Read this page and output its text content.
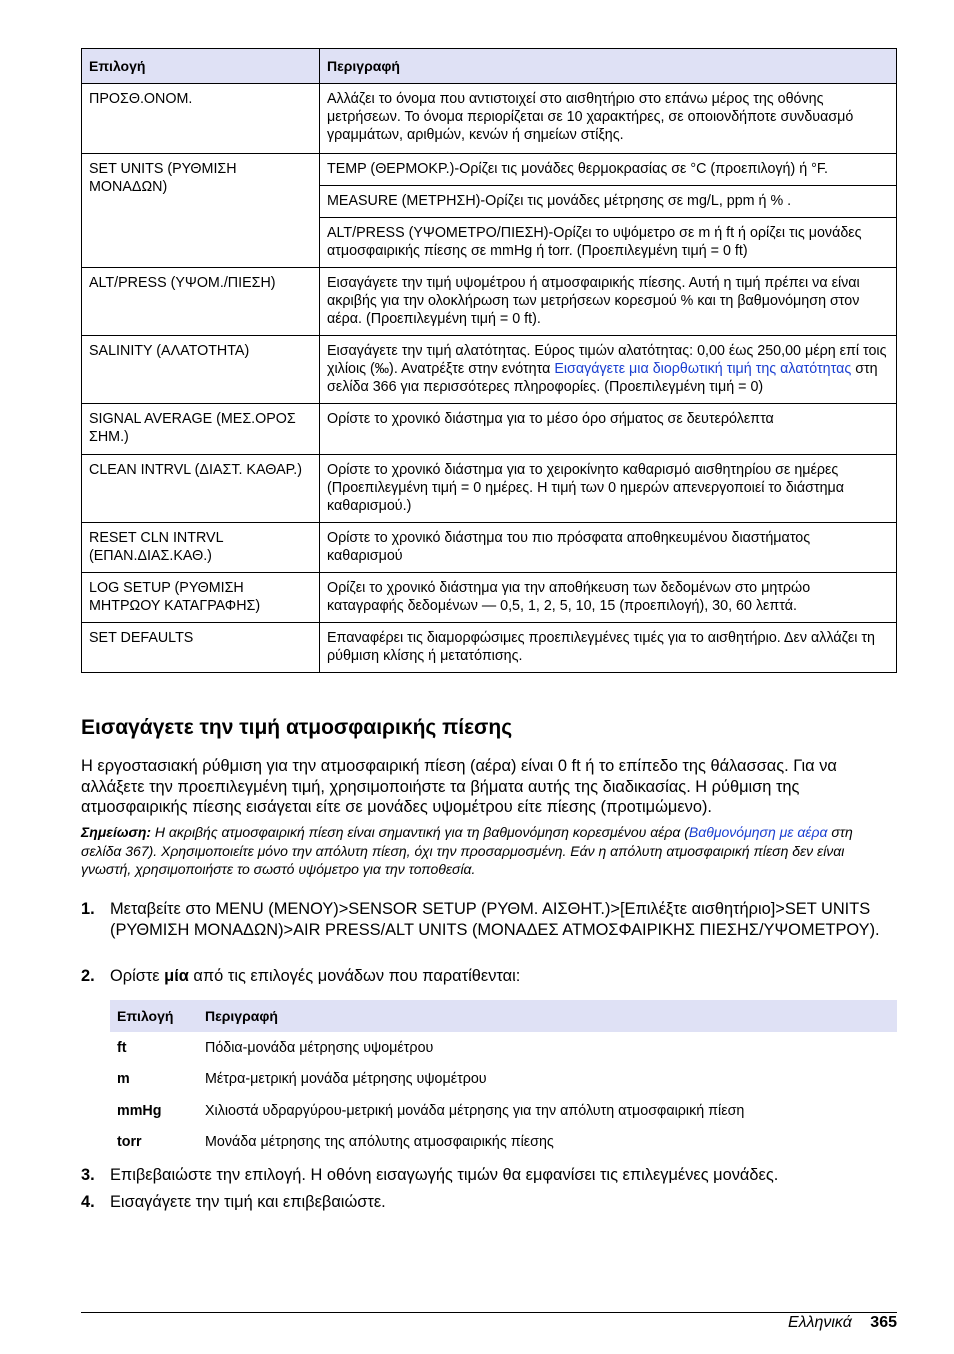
Επιλογή	Περιγραφή
ΠΡΟΣΘ.ΟΝΟΜ.	Αλλάζει το όνομα που αντιστοιχεί στο αισθητήριο στο επάνω μέρος της οθόνης μετρήσεων. Το όνομα περιορίζεται σε 10 χαρακτήρες, σε οποιονδήποτε συνδυασμό γραμμάτων, αριθμών, κενών ή σημείων στίξης.
SET UNITS (ΡΥΘΜΙΣΗ ΜΟΝΑΔΩΝ)	TEMP (ΘΕΡΜΟΚΡ.)-Ορίζει τις μονάδες θερμοκρασίας σε °C (προεπιλογή) ή °F.
	MEASURE (ΜΕΤΡΗΣΗ)-Ορίζει τις μονάδες μέτρησης σε mg/L, ppm ή % .
	ALT/PRESS (ΥΨΟΜΕΤΡΟ/ΠΙΕΣΗ)-Ορίζει το υψόμετρο σε m ή ft ή ορίζει τις μονάδες ατμοσφαιρικής πίεσης σε mmHg ή torr. (Προεπιλεγμένη τιμή = 0 ft)
ALT/PRESS (ΥΨΟΜ./ΠΙΕΣΗ)	Εισαγάγετε την τιμή υψομέτρου ή ατμοσφαιρικής πίεσης. Αυτή η τιμή πρέπει να είναι ακριβής για την ολοκλήρωση των μετρήσεων κορεσμού % και τη βαθμονόμηση στον αέρα. (Προεπιλεγμένη τιμή = 0 ft).
SALINITY (ΑΛΑΤΟΤΗΤΑ)	Εισαγάγετε την τιμή αλατότητας. Εύρος τιμών αλατότητας: 0,00 έως 250,00 μέρη επί τοις χιλίοις (‰). Ανατρέξτε στην ενότητα Εισαγάγετε μια διορθωτική τιμή της αλατότητας στη σελίδα 366 για περισσότερες πληροφορίες. (Προεπιλεγμένη τιμή = 0)
SIGNAL AVERAGE (ΜΕΣ.ΟΡΟΣ ΣΗΜ.)	Ορίστε το χρονικό διάστημα για το μέσο όρο σήματος σε δευτερόλεπτα
CLEAN INTRVL (ΔΙΑΣΤ. ΚΑΘΑΡ.)	Ορίστε το χρονικό διάστημα για το χειροκίνητο καθαρισμό αισθητηρίου σε ημέρες (Προεπιλεγμένη τιμή = 0 ημέρες. Η τιμή των 0 ημερών απενεργοποιεί το διάστημα καθαρισμού.)
RESET CLN INTRVL (ΕΠΑΝ.ΔΙΑΣ.ΚΑΘ.)	Ορίστε το χρονικό διάστημα του πιο πρόσφατα αποθηκευμένου διαστήματος καθαρισμού
LOG SETUP (ΡΥΘΜΙΣΗ ΜΗΤΡΩΟΥ ΚΑΤΑΓΡΑΦΗΣ)	Ορίζει το χρονικό διάστημα για την αποθήκευση των δεδομένων στο μητρώο καταγραφής δεδομένων — 0,5, 1, 2, 5, 10, 15 (προεπιλογή), 30, 60 λεπτά.
SET DEFAULTS	Επαναφέρει τις διαμορφώσιμες προεπιλεγμένες τιμές για το αισθητήριο. Δεν αλλάζει τη ρύθμιση κλίσης ή μετατόπισης.
Εισαγάγετε την τιμή ατμοσφαιρικής πίεσης

Η εργοστασιακή ρύθμιση για την ατμοσφαιρική πίεση (αέρα) είναι 0 ft ή το επίπεδο της θάλασσας. Για να αλλάξετε την προεπιλεγμένη τιμή, χρησιμοποιήστε τα βήματα αυτής της διαδικασίας. Η ρύθμιση της ατμοσφαιρικής πίεσης εισάγεται είτε σε μονάδες υψομέτρου είτε πίεσης (προτιμώμενο).

Σημείωση: Η ακριβής ατμοσφαιρική πίεση είναι σημαντική για τη βαθμονόμηση κορεσμένου αέρα (Βαθμονόμηση με αέρα στη σελίδα 367). Χρησιμοποιείτε μόνο την απόλυτη πίεση, όχι την προσαρμοσμένη. Εάν η απόλυτη ατμοσφαιρική πίεση δεν είναι γνωστή, χρησιμοποιήστε το σωστό υψόμετρο για την τοποθεσία.

1. Μεταβείτε στο MENU (ΜΕΝΟΥ)>SENSOR SETUP (ΡΥΘΜ. ΑΙΣΘΗΤ.)>[Επιλέξτε αισθητήριο]>SET UNITS (ΡΥΘΜΙΣΗ ΜΟΝΑΔΩΝ)>AIR PRESS/ALT UNITS (ΜΟΝΑΔΕΣ ΑΤΜΟΣΦΑΙΡΙΚΗΣ ΠΙΕΣΗΣ/ΥΨΟΜΕΤΡΟΥ).
2. Ορίστε μία από τις επιλογές μονάδων που παρατίθενται:
Επιλογή	Περιγραφή
ft	Πόδια-μονάδα μέτρησης υψομέτρου
m	Μέτρα-μετρική μονάδα μέτρησης υψομέτρου
mmHg	Χιλιοστά υδραργύρου-μετρική μονάδα μέτρησης για την απόλυτη ατμοσφαιρική πίεση
torr	Μονάδα μέτρησης της απόλυτης ατμοσφαιρικής πίεσης
3. Επιβεβαιώστε την επιλογή. Η οθόνη εισαγωγής τιμών θα εμφανίσει τις επιλεγμένες μονάδες.
4. Εισαγάγετε την τιμή και επιβεβαιώστε.
Ελληνικά 365
